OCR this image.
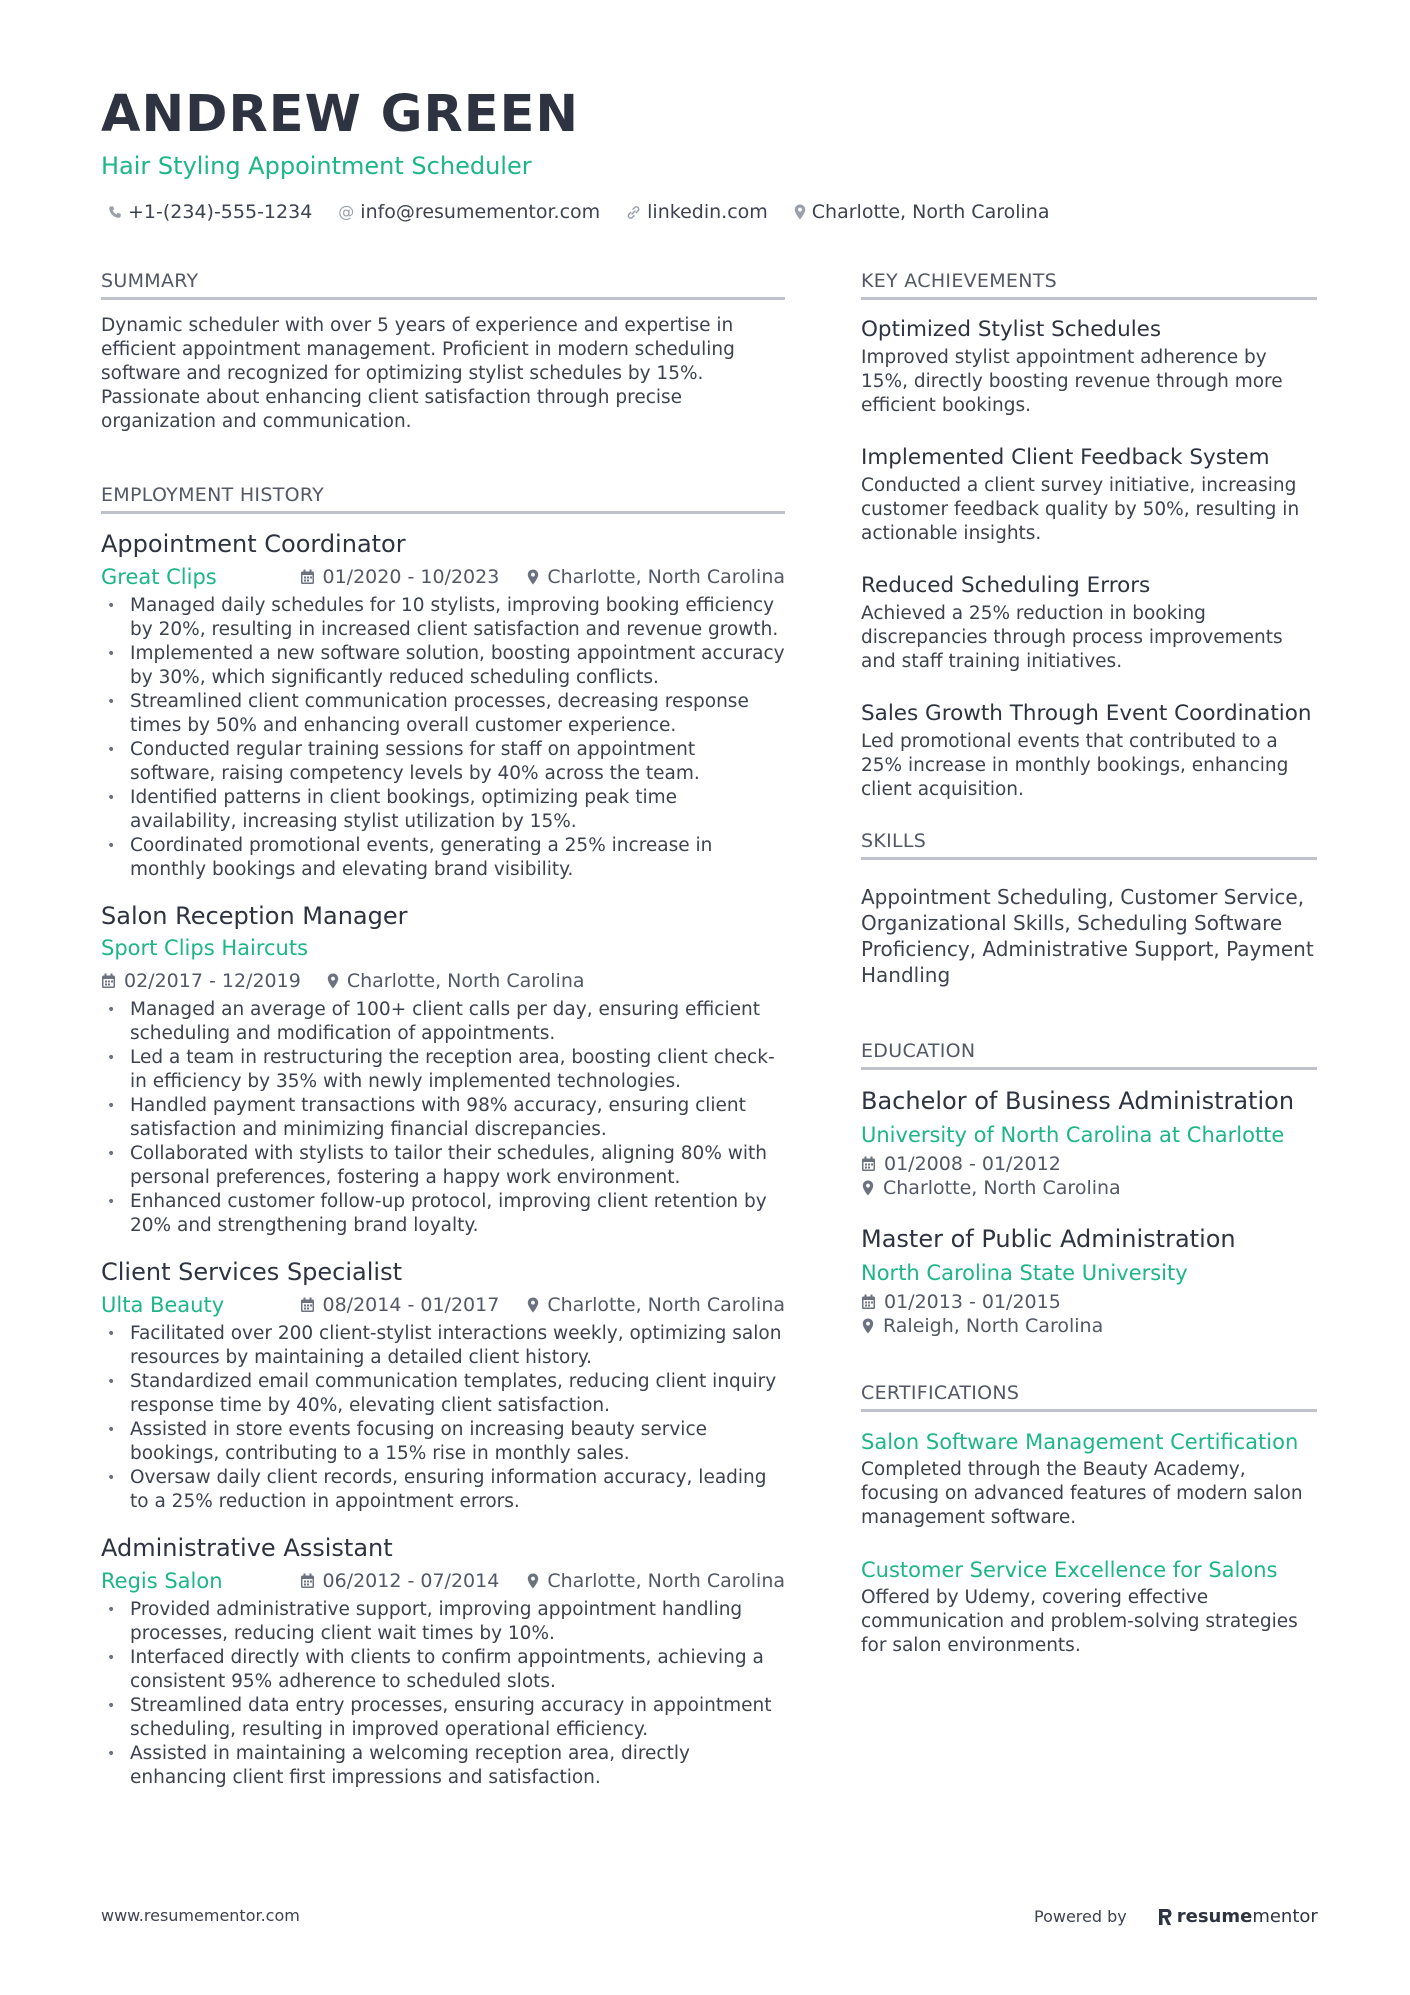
ANDREW GREEN
Hair Styling Appointment Scheduler
+1-(234)-555-1234 @ info@resumementor.com linkedin.com Charlotte, North Carolina
SUMMARY
Dynamic scheduler with over 5 years of experience and expertise in efficient appointment management. Proficient in modern scheduling software and recognized for optimizing stylist schedules by 15%. Passionate about enhancing client satisfaction through precise organization and communication.
EMPLOYMENT HISTORY
Appointment Coordinator
Great Clips	01/2020 - 10/2023	Charlotte, North Carolina
• Managed daily schedules for 10 stylists, improving booking efficiency by 20%, resulting in increased client satisfaction and revenue growth.
• Implemented a new software solution, boosting appointment accuracy by 30%, which significantly reduced scheduling conflicts.
• Streamlined client communication processes, decreasing response times by 50% and enhancing overall customer experience.
• Conducted regular training sessions for staff on appointment software, raising competency levels by 40% across the team.
• Identified patterns in client bookings, optimizing peak time availability, increasing stylist utilization by 15%.
• Coordinated promotional events, generating a 25% increase in monthly bookings and elevating brand visibility.
Salon Reception Manager
Sport Clips Haircuts
02/2017 - 12/2019 Charlotte, North Carolina
• Managed an average of 100+ client calls per day, ensuring efficient scheduling and modification of appointments.
• Led a team in restructuring the reception area, boosting client check-in efficiency by 35% with newly implemented technologies.
• Handled payment transactions with 98% accuracy, ensuring client satisfaction and minimizing financial discrepancies.
• Collaborated with stylists to tailor their schedules, aligning 80% with personal preferences, fostering a happy work environment.
• Enhanced customer follow-up protocol, improving client retention by 20% and strengthening brand loyalty.
Client Services Specialist
Ulta Beauty	08/2014 - 01/2017	Charlotte, North Carolina
• Facilitated over 200 client-stylist interactions weekly, optimizing salon resources by maintaining a detailed client history.
• Standardized email communication templates, reducing client inquiry response time by 40%, elevating client satisfaction.
• Assisted in store events focusing on increasing beauty service bookings, contributing to a 15% rise in monthly sales.
• Oversaw daily client records, ensuring information accuracy, leading to a 25% reduction in appointment errors.
Administrative Assistant
Regis Salon	06/2012 - 07/2014	Charlotte, North Carolina
• Provided administrative support, improving appointment handling processes, reducing client wait times by 10%.
• Interfaced directly with clients to confirm appointments, achieving a consistent 95% adherence to scheduled slots.
• Streamlined data entry processes, ensuring accuracy in appointment scheduling, resulting in improved operational efficiency.
• Assisted in maintaining a welcoming reception area, directly enhancing client first impressions and satisfaction.
KEY ACHIEVEMENTS
Optimized Stylist Schedules
Improved stylist appointment adherence by 15%, directly boosting revenue through more efficient bookings.
Implemented Client Feedback System
Conducted a client survey initiative, increasing customer feedback quality by 50%, resulting in actionable insights.
Reduced Scheduling Errors
Achieved a 25% reduction in booking discrepancies through process improvements and staff training initiatives.
Sales Growth Through Event Coordination
Led promotional events that contributed to a 25% increase in monthly bookings, enhancing client acquisition.
SKILLS
Appointment Scheduling, Customer Service, Organizational Skills, Scheduling Software Proficiency, Administrative Support, Payment Handling
EDUCATION
Bachelor of Business Administration
University of North Carolina at Charlotte
01/2008 - 01/2012
Charlotte, North Carolina
Master of Public Administration
North Carolina State University
01/2013 - 01/2015
Raleigh, North Carolina
CERTIFICATIONS
Salon Software Management Certification
Completed through the Beauty Academy, focusing on advanced features of modern salon management software.
Customer Service Excellence for Salons
Offered by Udemy, covering effective communication and problem-solving strategies for salon environments.
www.resumementor.com	Powered by	resume mentor
